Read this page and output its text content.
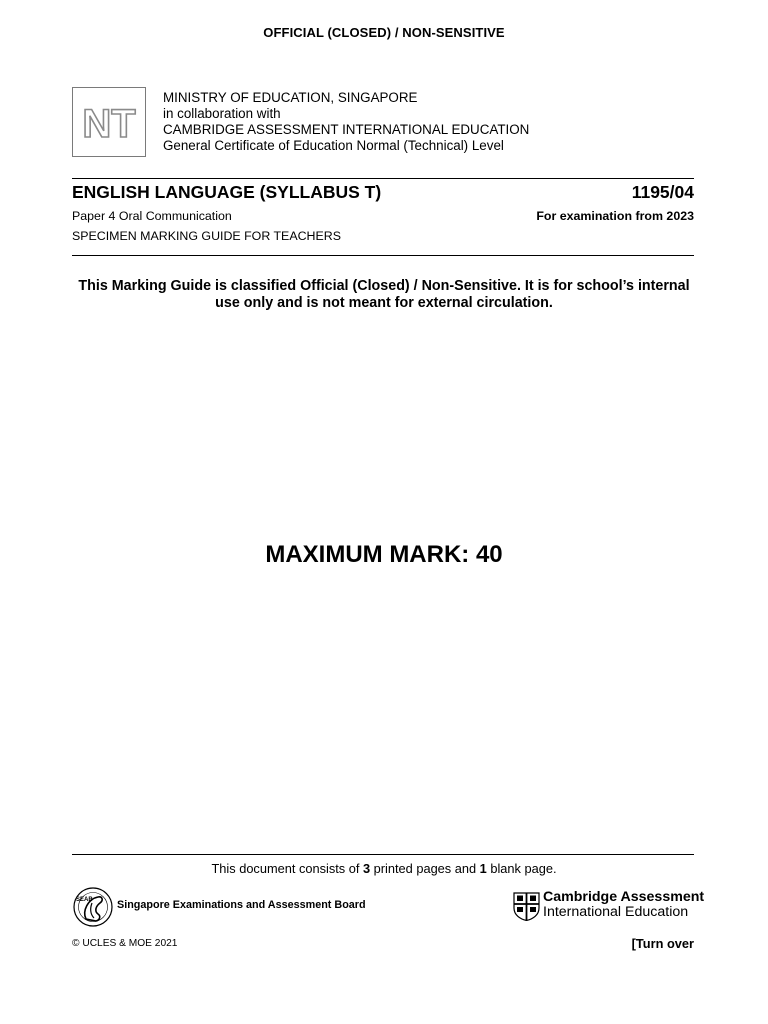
OFFICIAL (CLOSED) / NON-SENSITIVE
NT
MINISTRY OF EDUCATION, SINGAPORE
in collaboration with
CAMBRIDGE ASSESSMENT INTERNATIONAL EDUCATION
General Certificate of Education Normal (Technical) Level
ENGLISH LANGUAGE (SYLLABUS T)	1195/04
Paper 4 Oral Communication	For examination from 2023
SPECIMEN MARKING GUIDE FOR TEACHERS
This Marking Guide is classified Official (Closed) / Non-Sensitive. It is for school’s internal use only and is not meant for external circulation.
MAXIMUM MARK: 40
This document consists of 3 printed pages and 1 blank page.
SEAB Singapore Examinations and Assessment Board	Cambridge Assessment
International Education
© UCLES & MOE 2021	[Turn over
